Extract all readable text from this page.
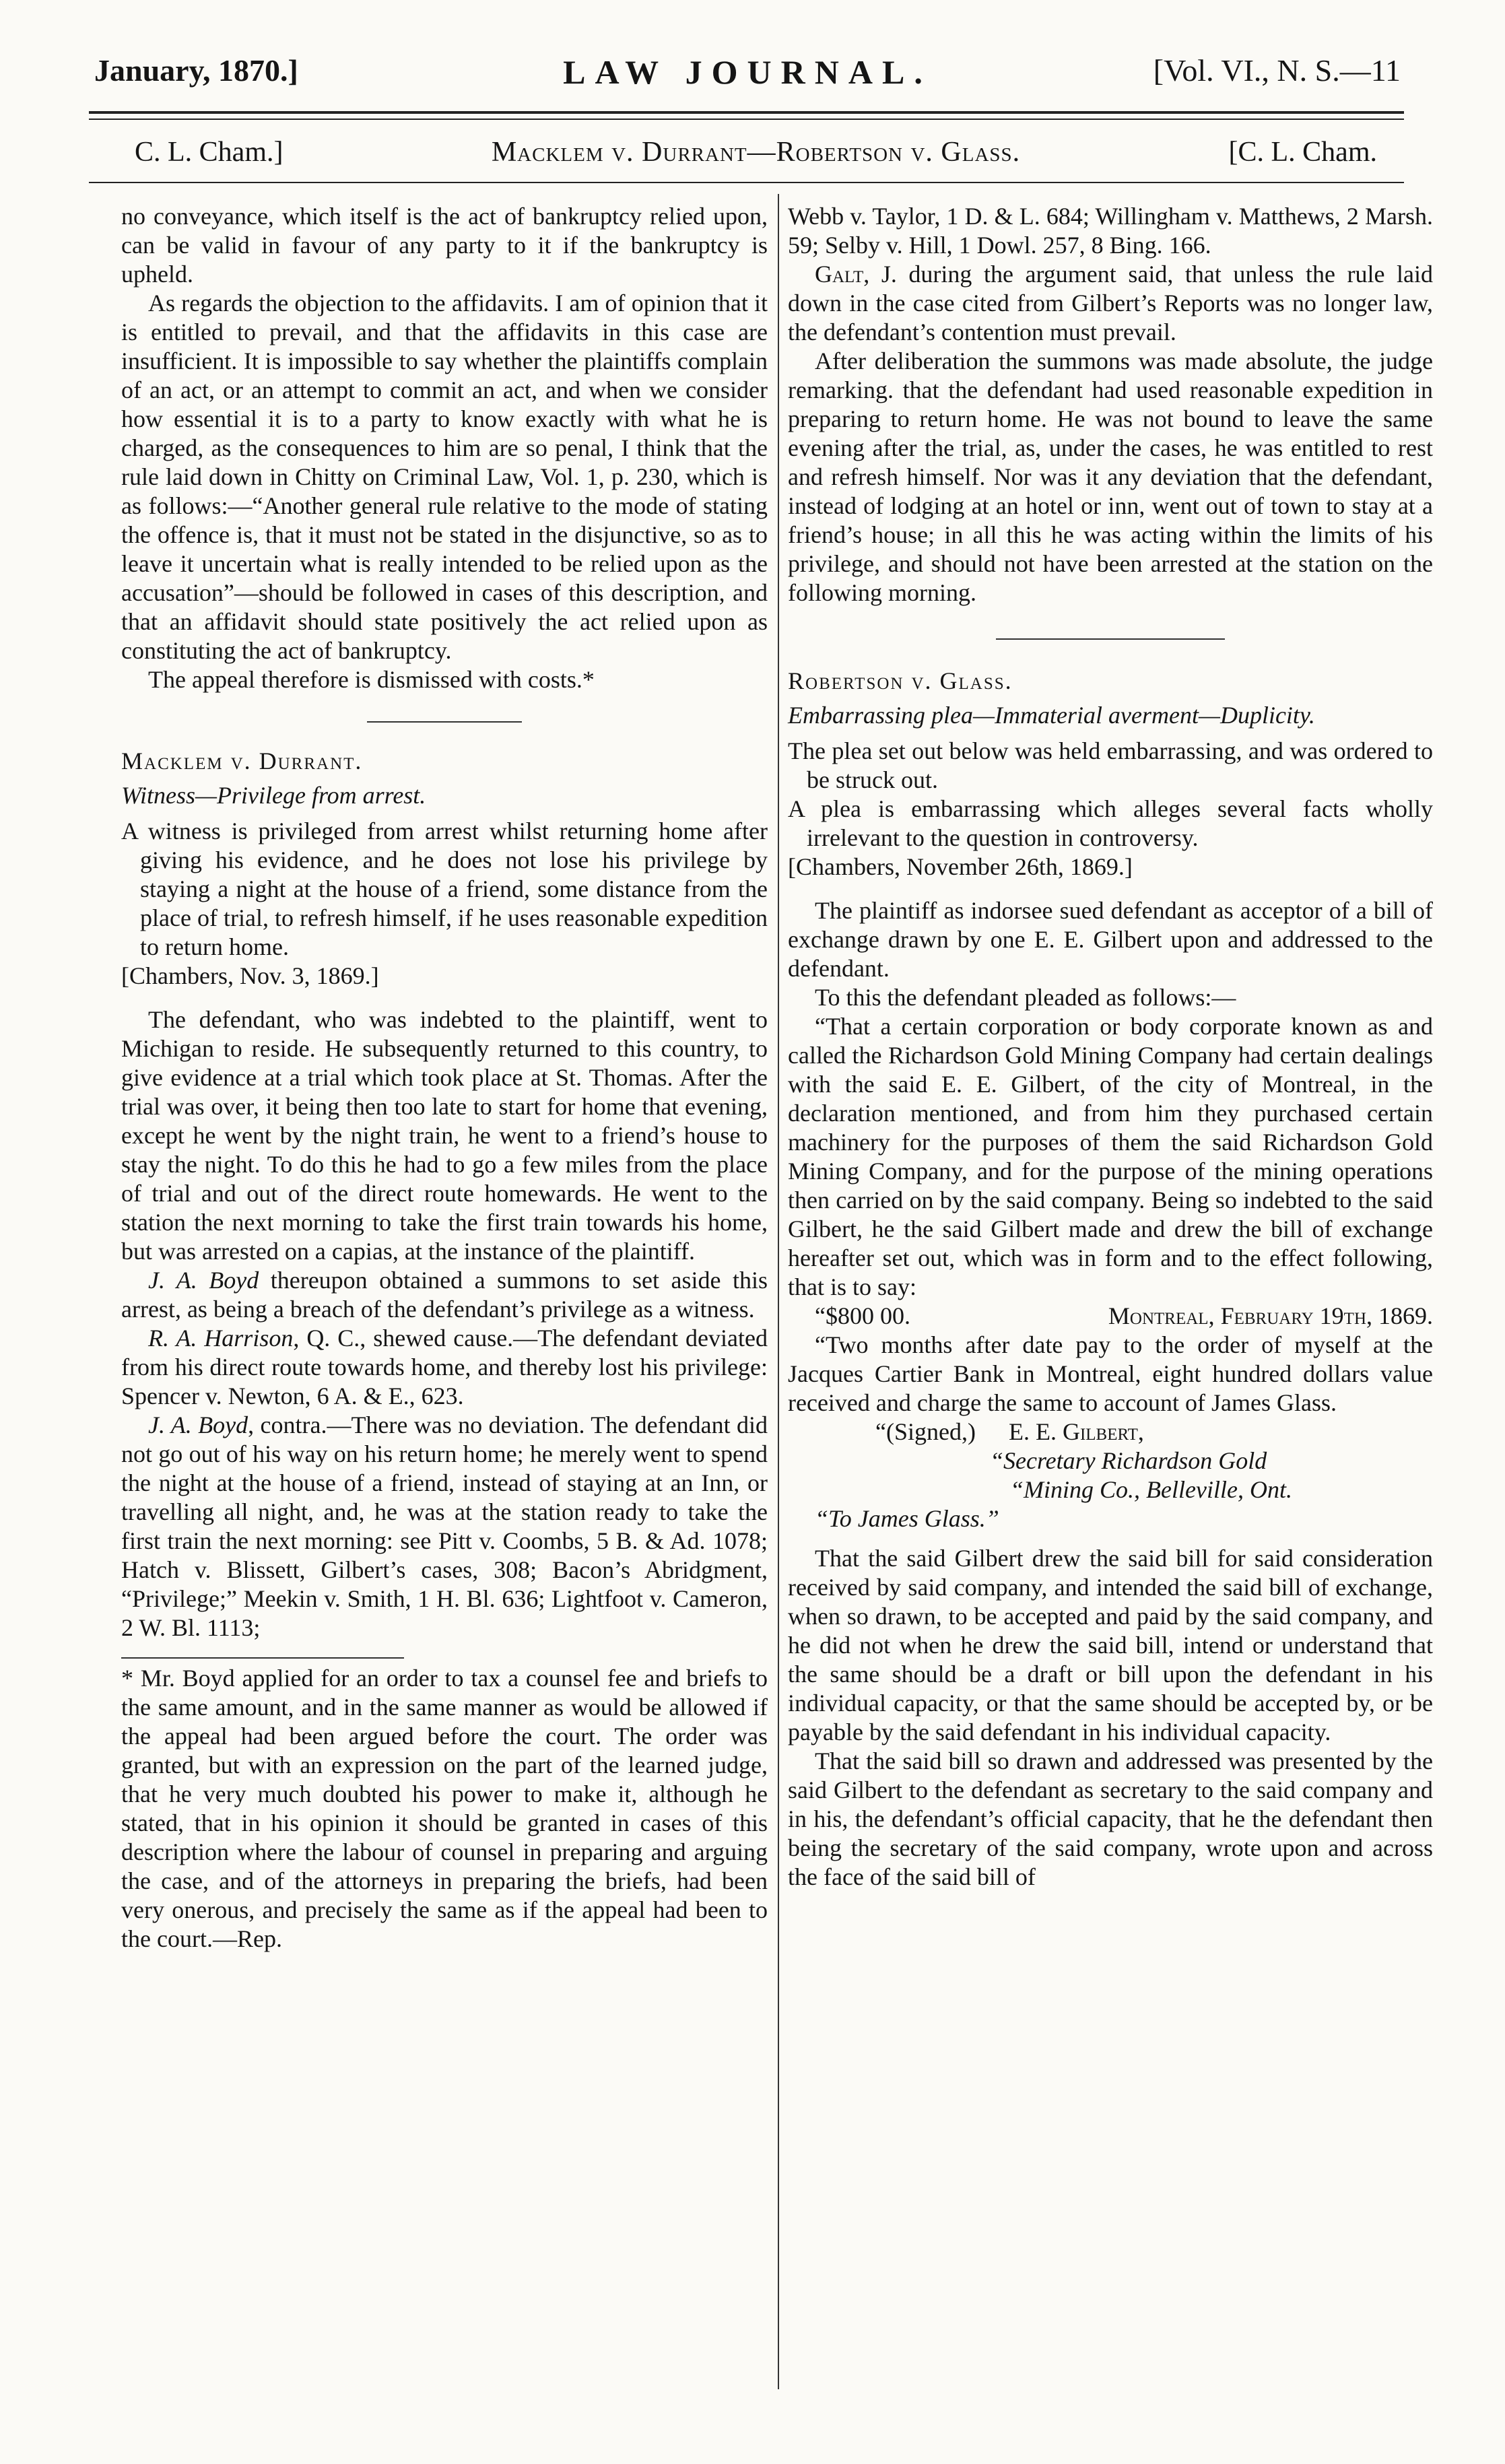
January, 1870.]	LAW JOURNAL.	[Vol. VI., N. S.—11
C. L. Cham.]	Macklem v. Durrant—Robertson v. Glass.	[C. L. Cham.

no conveyance, which itself is the act of bankruptcy relied upon, can be valid in favour of any party to it if the bankruptcy is upheld.

As regards the objection to the affidavits. I am of opinion that it is entitled to prevail, and that the affidavits in this case are insufficient. It is impossible to say whether the plaintiffs complain of an act, or an attempt to commit an act, and when we consider how essential it is to a party to know exactly with what he is charged, as the consequences to him are so penal, I think that the rule laid down in Chitty on Criminal Law, Vol. 1, p. 230, which is as follows:—“Another general rule relative to the mode of stating the offence is, that it must not be stated in the disjunctive, so as to leave it uncertain what is really intended to be relied upon as the accusation”—should be followed in cases of this description, and that an affidavit should state positively the act relied upon as constituting the act of bankruptcy.

The appeal therefore is dismissed with costs.*

Macklem v. Durrant.

Witness—Privilege from arrest.

A witness is privileged from arrest whilst returning home after giving his evidence, and he does not lose his privilege by staying a night at the house of a friend, some distance from the place of trial, to refresh himself, if he uses reasonable expedition to return home.

[Chambers, Nov. 3, 1869.]

The defendant, who was indebted to the plaintiff, went to Michigan to reside. He subsequently returned to this country, to give evidence at a trial which took place at St. Thomas. After the trial was over, it being then too late to start for home that evening, except he went by the night train, he went to a friend’s house to stay the night. To do this he had to go a few miles from the place of trial and out of the direct route homewards. He went to the station the next morning to take the first train towards his home, but was arrested on a capias, at the instance of the plaintiff.

J. A. Boyd thereupon obtained a summons to set aside this arrest, as being a breach of the defendant’s privilege as a witness.

R. A. Harrison, Q. C., shewed cause.—The defendant deviated from his direct route towards home, and thereby lost his privilege: Spencer v. Newton, 6 A. & E., 623.

J. A. Boyd, contra.—There was no deviation. The defendant did not go out of his way on his return home; he merely went to spend the night at the house of a friend, instead of staying at an Inn, or travelling all night, and, he was at the station ready to take the first train the next morning: see Pitt v. Coombs, 5 B. & Ad. 1078; Hatch v. Blissett, Gilbert’s cases, 308; Bacon’s Abridgment, “Privilege;” Meekin v. Smith, 1 H. Bl. 636; Lightfoot v. Cameron, 2 W. Bl. 1113;

* Mr. Boyd applied for an order to tax a counsel fee and briefs to the same amount, and in the same manner as would be allowed if the appeal had been argued before the court. The order was granted, but with an expression on the part of the learned judge, that he very much doubted his power to make it, although he stated, that in his opinion it should be granted in cases of this description where the labour of counsel in preparing and arguing the case, and of the attorneys in preparing the briefs, had been very onerous, and precisely the same as if the appeal had been to the court.—Rep.

Webb v. Taylor, 1 D. & L. 684; Willingham v. Matthews, 2 Marsh. 59; Selby v. Hill, 1 Dowl. 257, 8 Bing. 166.

Galt, J. during the argument said, that unless the rule laid down in the case cited from Gilbert’s Reports was no longer law, the defendant’s contention must prevail.

After deliberation the summons was made absolute, the judge remarking. that the defendant had used reasonable expedition in preparing to return home. He was not bound to leave the same evening after the trial, as, under the cases, he was entitled to rest and refresh himself. Nor was it any deviation that the defendant, instead of lodging at an hotel or inn, went out of town to stay at a friend’s house; in all this he was acting within the limits of his privilege, and should not have been arrested at the station on the following morning.

Robertson v. Glass.

Embarrassing plea—Immaterial averment—Duplicity.

The plea set out below was held embarrassing, and was ordered to be struck out.

A plea is embarrassing which alleges several facts wholly irrelevant to the question in controversy.

[Chambers, November 26th, 1869.]

The plaintiff as indorsee sued defendant as acceptor of a bill of exchange drawn by one E. E. Gilbert upon and addressed to the defendant.

To this the defendant pleaded as follows:—

“That a certain corporation or body corporate known as and called the Richardson Gold Mining Company had certain dealings with the said E. E. Gilbert, of the city of Montreal, in the declaration mentioned, and from him they purchased certain machinery for the purposes of them the said Richardson Gold Mining Company, and for the purpose of the mining operations then carried on by the said company. Being so indebted to the said Gilbert, he the said Gilbert made and drew the bill of exchange hereafter set out, which was in form and to the effect following, that is to say:

“$800 00.	Montreal, February 19th, 1869.

“Two months after date pay to the order of myself at the Jacques Cartier Bank in Montreal, eight hundred dollars value received and charge the same to account of James Glass.

“(Signed,) E. E. Gilbert,
“Secretary Richardson Gold
“Mining Co., Belleville, Ont.
“To James Glass.”

That the said Gilbert drew the said bill for said consideration received by said company, and intended the said bill of exchange, when so drawn, to be accepted and paid by the said company, and he did not when he drew the said bill, intend or understand that the same should be a draft or bill upon the defendant in his individual capacity, or that the same should be accepted by, or be payable by the said defendant in his individual capacity.

That the said bill so drawn and addressed was presented by the said Gilbert to the defendant as secretary to the said company and in his, the defendant’s official capacity, that he the defendant then being the secretary of the said company, wrote upon and across the face of the said bill of
